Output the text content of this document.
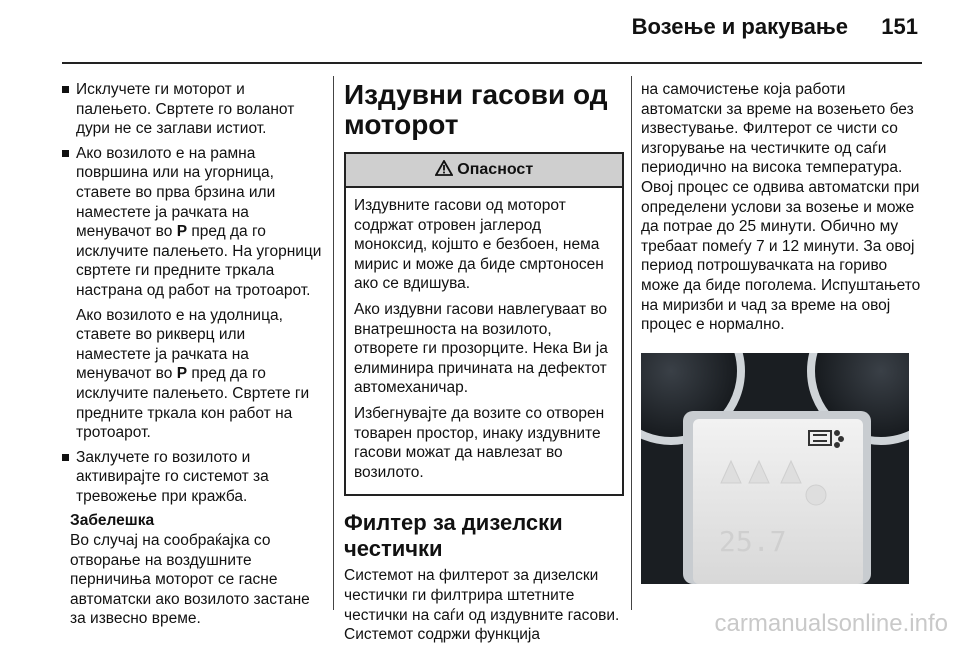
Возење и ракување 151
Исклучете ги моторот и палењето. Свртете го воланот дури не се заглави истиот.
Ако возилото е на рамна површина или на угорница, ставете во прва брзина или наместете ја рачката на менувачот во P пред да го исклучите палењето. На угорници свртете ги предните тркала настрана од работ на тротоарот.
Ако возилото е на удолница, ставете во рикверц или наместете ја рачката на менувачот во P пред да го исклучите палењето. Свртете ги предните тркала кон работ на тротоарот.
Заклучете го возилото и активирајте го системот за тревожење при кражба.
Забелешка
Во случај на сообраќајка со отворање на воздушните перничиња моторот се гасне автоматски ако возилото застане за извесно време.
Издувни гасови од моторот
Опасност

Издувните гасови од моторот содржат отровен јаглерод моноксид, којшто е безбоен, нема мирис и може да биде смртоносен ако се вдишува.

Ако издувни гасови навлегуваат во внатрешноста на возилото, отворете ги прозорците. Нека Ви ја елиминира причината на дефектот автомеханичар.

Избегнувајте да возите со отворен товарен простор, инаку издувните гасови можат да навлезат во возилото.

Филтер за дизелски честички
Системот на филтерот за дизелски честички ги филтрира штетните честички на саѓи од издувните гасови. Системот содржи функција
на самочистење која работи автоматски за време на возењето без известување. Филтерот се чисти со изгорување на честичките од саѓи периодично на висока температура. Овој процес се одвива автоматски при определени услови за возење и може да потрае до 25 минути. Обично му требаат помеѓу 7 и 12 минути. За овој период потрошувачката на гориво може да биде поголема. Испуштањето на миризби и чад за време на овој процес е нормално.
25.7
carmanualsonline.info
